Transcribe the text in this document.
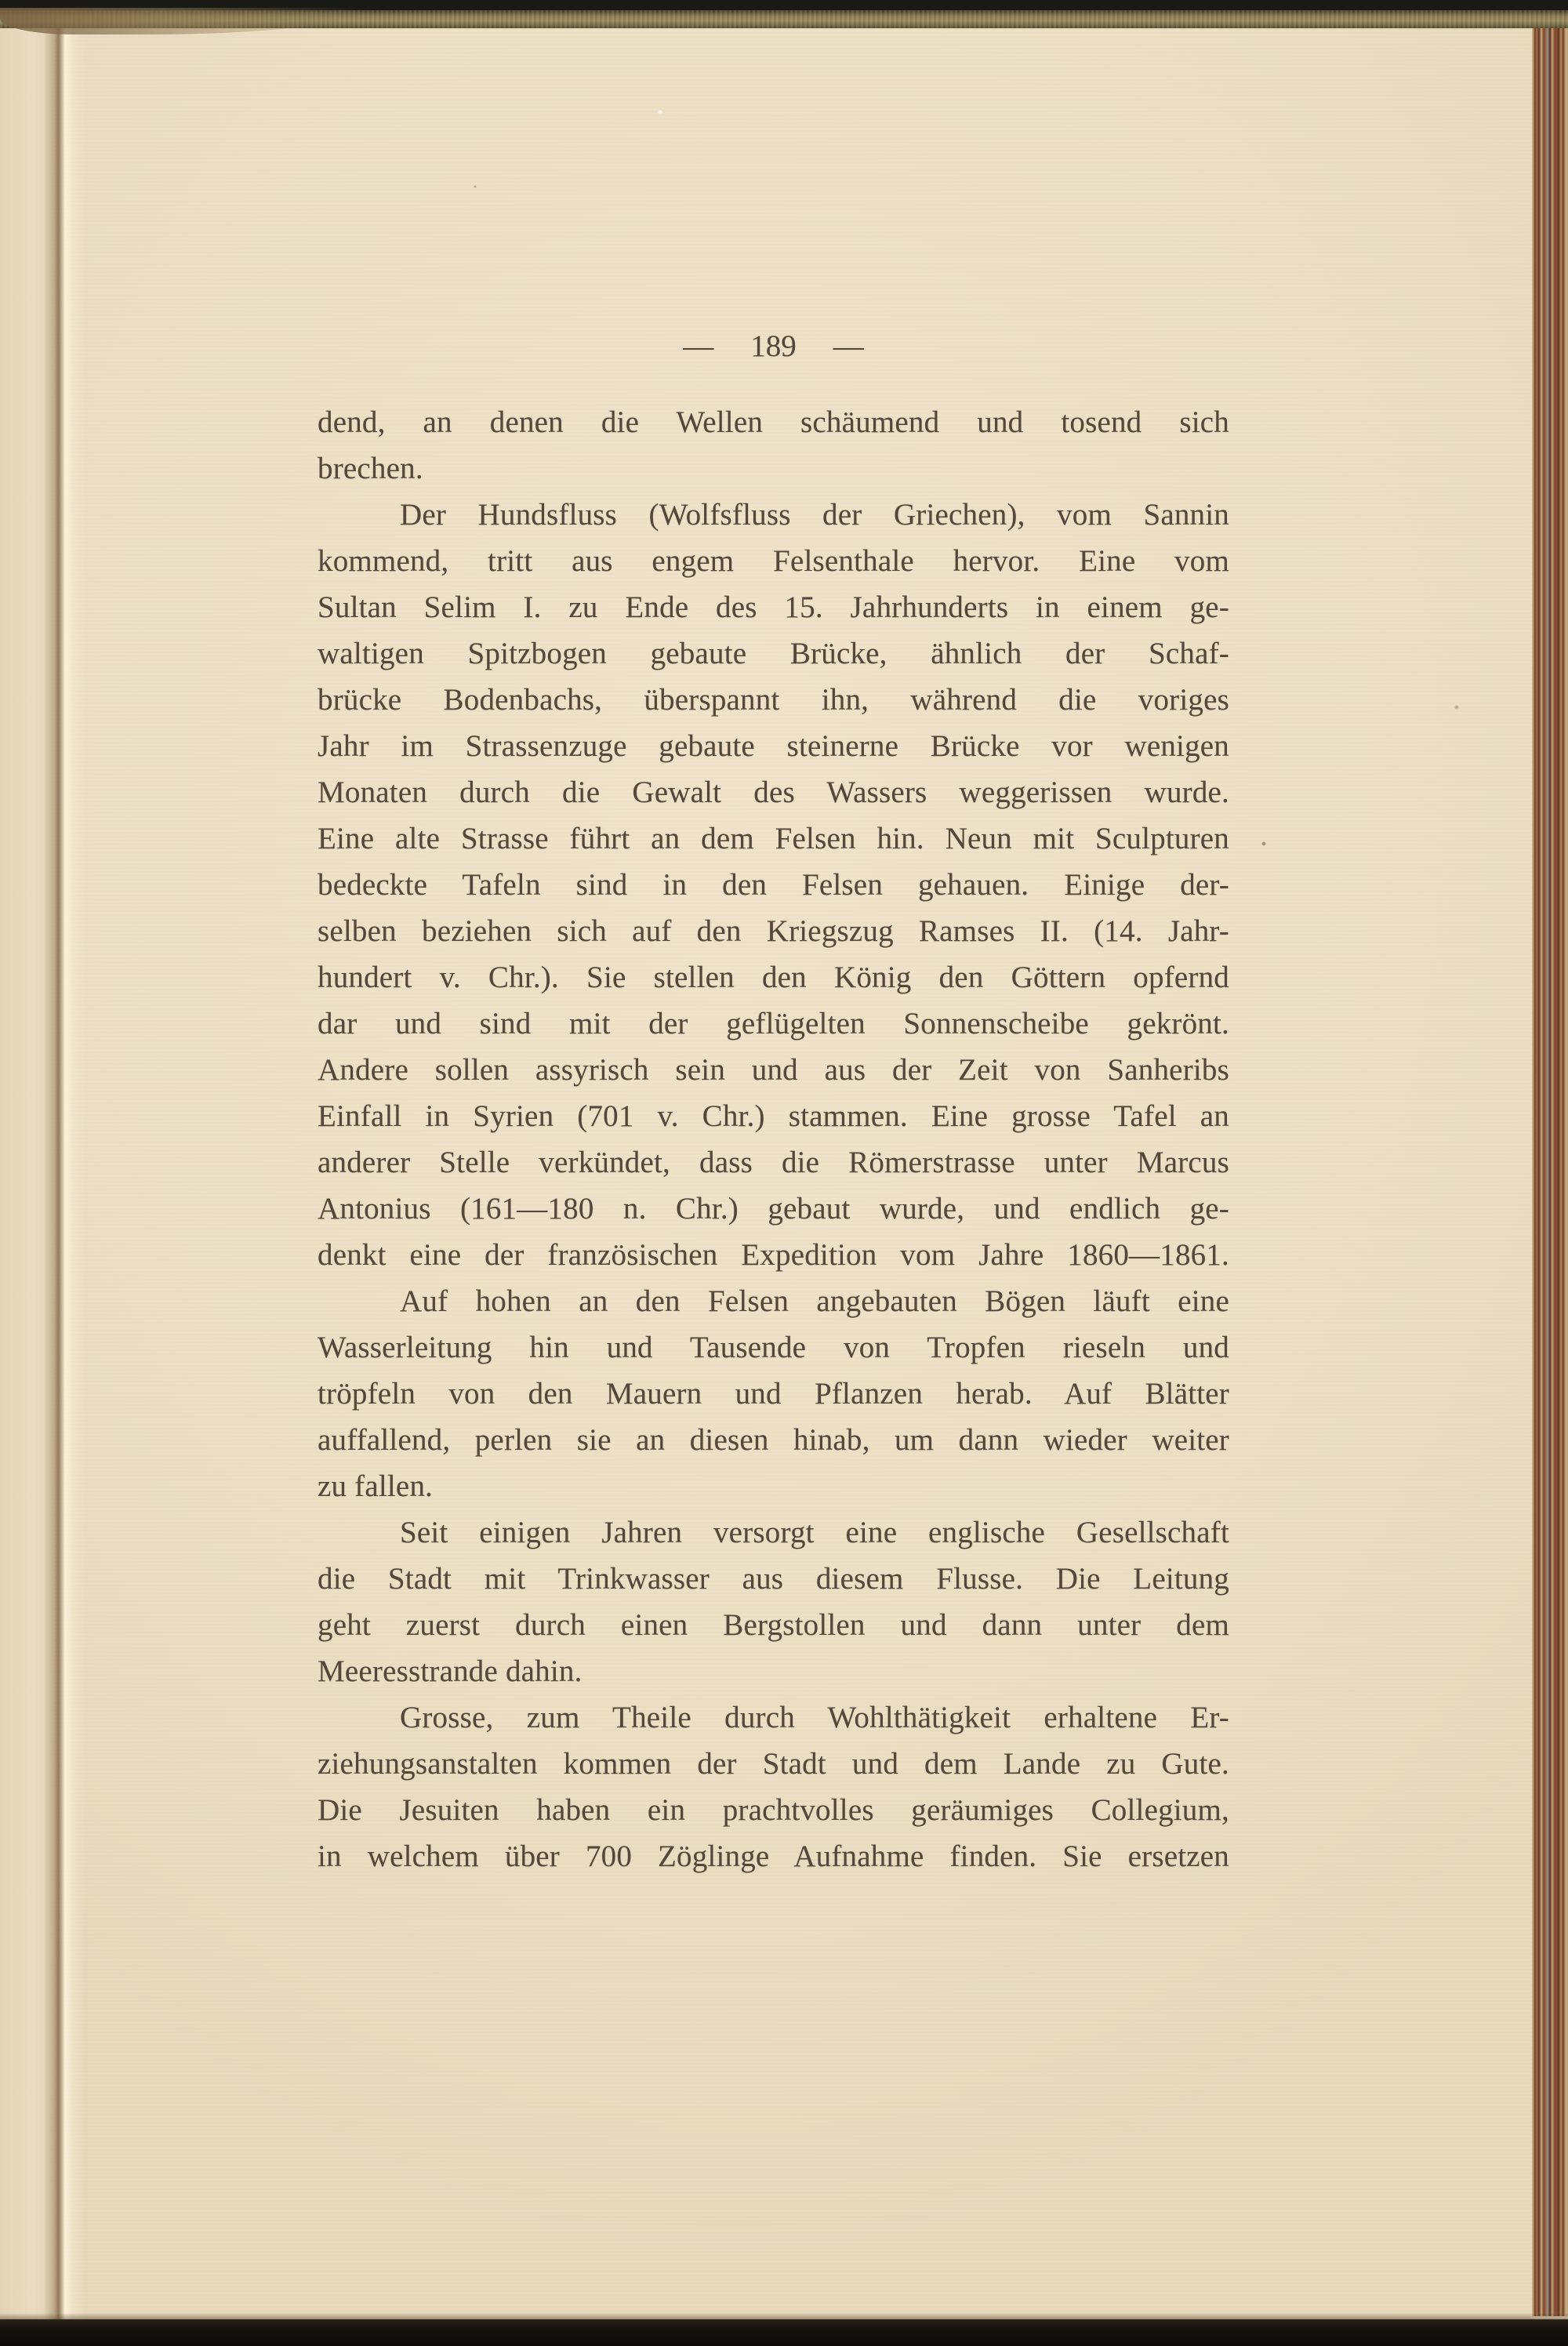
— 189 —
dend, an denen die Wellen schäumend und tosend sich
brechen.
Der Hundsfluss (Wolfsfluss der Griechen), vom Sannin
kommend, tritt aus engem Felsenthale hervor. Eine vom
Sultan Selim I. zu Ende des 15. Jahrhunderts in einem ge-
waltigen Spitzbogen gebaute Brücke, ähnlich der Schaf-
brücke Bodenbachs, überspannt ihn, während die voriges
Jahr im Strassenzuge gebaute steinerne Brücke vor wenigen
Monaten durch die Gewalt des Wassers weggerissen wurde.
Eine alte Strasse führt an dem Felsen hin. Neun mit Sculpturen
bedeckte Tafeln sind in den Felsen gehauen. Einige der-
selben beziehen sich auf den Kriegszug Ramses II. (14. Jahr-
hundert v. Chr.). Sie stellen den König den Göttern opfernd
dar und sind mit der geflügelten Sonnenscheibe gekrönt.
Andere sollen assyrisch sein und aus der Zeit von Sanheribs
Einfall in Syrien (701 v. Chr.) stammen. Eine grosse Tafel an
anderer Stelle verkündet, dass die Römerstrasse unter Marcus
Antonius (161—180 n. Chr.) gebaut wurde, und endlich ge-
denkt eine der französischen Expedition vom Jahre 1860—1861.
Auf hohen an den Felsen angebauten Bögen läuft eine
Wasserleitung hin und Tausende von Tropfen rieseln und
tröpfeln von den Mauern und Pflanzen herab. Auf Blätter
auffallend, perlen sie an diesen hinab, um dann wieder weiter
zu fallen.
Seit einigen Jahren versorgt eine englische Gesellschaft
die Stadt mit Trinkwasser aus diesem Flusse. Die Leitung
geht zuerst durch einen Bergstollen und dann unter dem
Meeresstrande dahin.
Grosse, zum Theile durch Wohlthätigkeit erhaltene Er-
ziehungsanstalten kommen der Stadt und dem Lande zu Gute.
Die Jesuiten haben ein prachtvolles geräumiges Collegium,
in welchem über 700 Zöglinge Aufnahme finden. Sie ersetzen
